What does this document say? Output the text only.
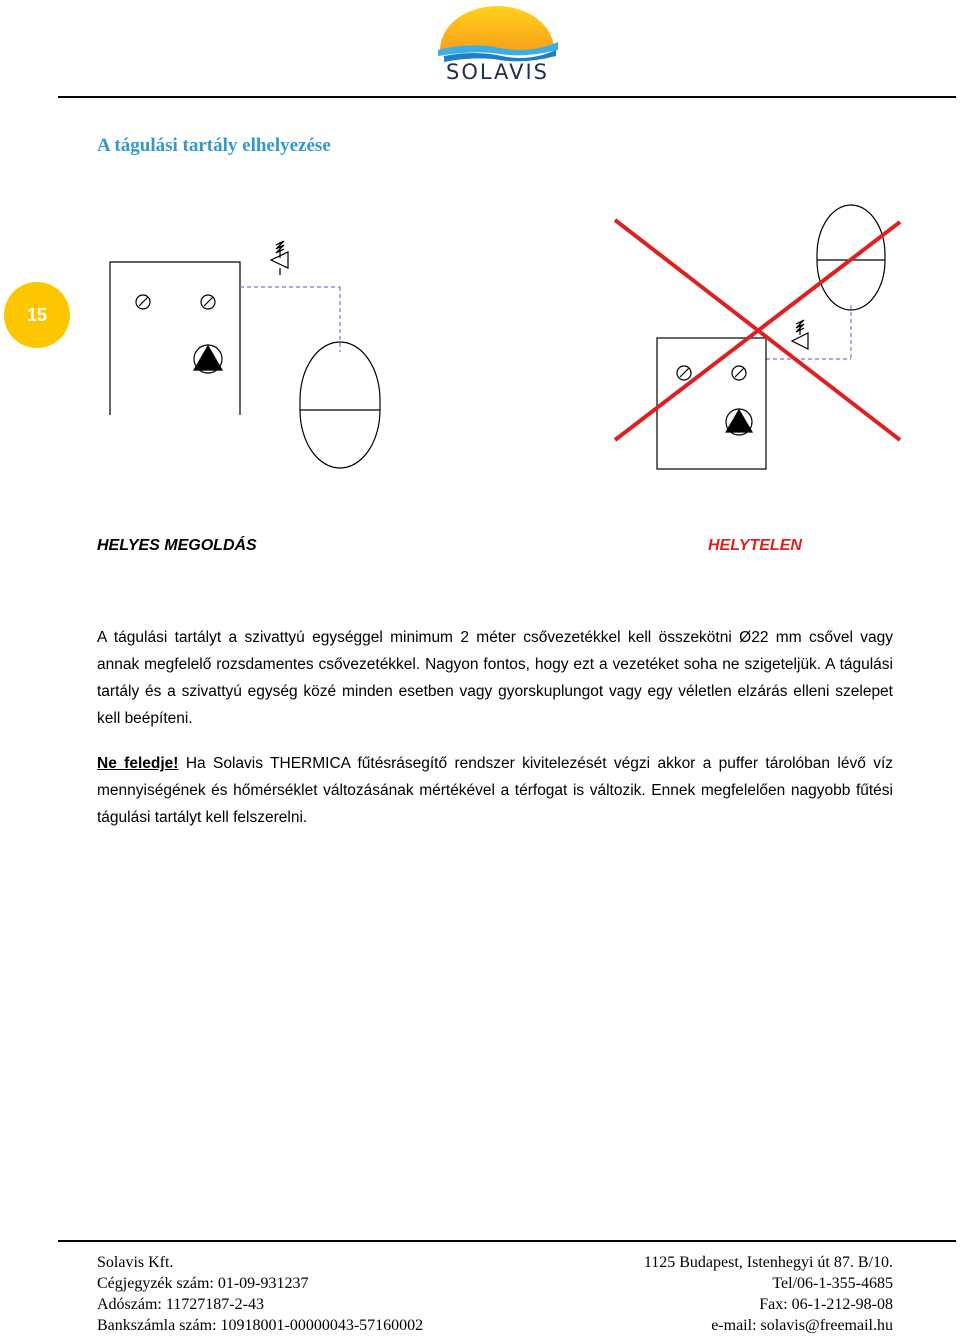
SOLAVIS
15
A tágulási tartály elhelyezése
HELYES MEGOLDÁS	HELYTELEN
A tágulási tartályt a szivattyú egységgel minimum 2 méter csővezetékkel kell összekötni Ø22 mm csővel vagy annak megfelelő rozsdamentes csővezetékkel. Nagyon fontos, hogy ezt a vezetéket soha ne szigeteljük. A tágulási tartály és a szivattyú egység közé minden esetben vagy gyorskuplungot vagy egy véletlen elzárás elleni szelepet kell beépíteni.
Ne feledje! Ha Solavis THERMICA fűtésrásegítő rendszer kivitelezését végzi akkor a puffer tárolóban lévő víz mennyiségének és hőmérséklet változásának mértékével a térfogat is változik. Ennek megfelelően nagyobb fűtési tágulási tartályt kell felszerelni.
Solavis Kft.
Cégjegyzék szám: 01-09-931237
Adószám: 11727187-2-43
Bankszámla szám: 10918001-00000043-57160002
1125 Budapest, Istenhegyi út 87. B/10.
Tel/06-1-355-4685
Fax: 06-1-212-98-08
e-mail: solavis@freemail.hu
